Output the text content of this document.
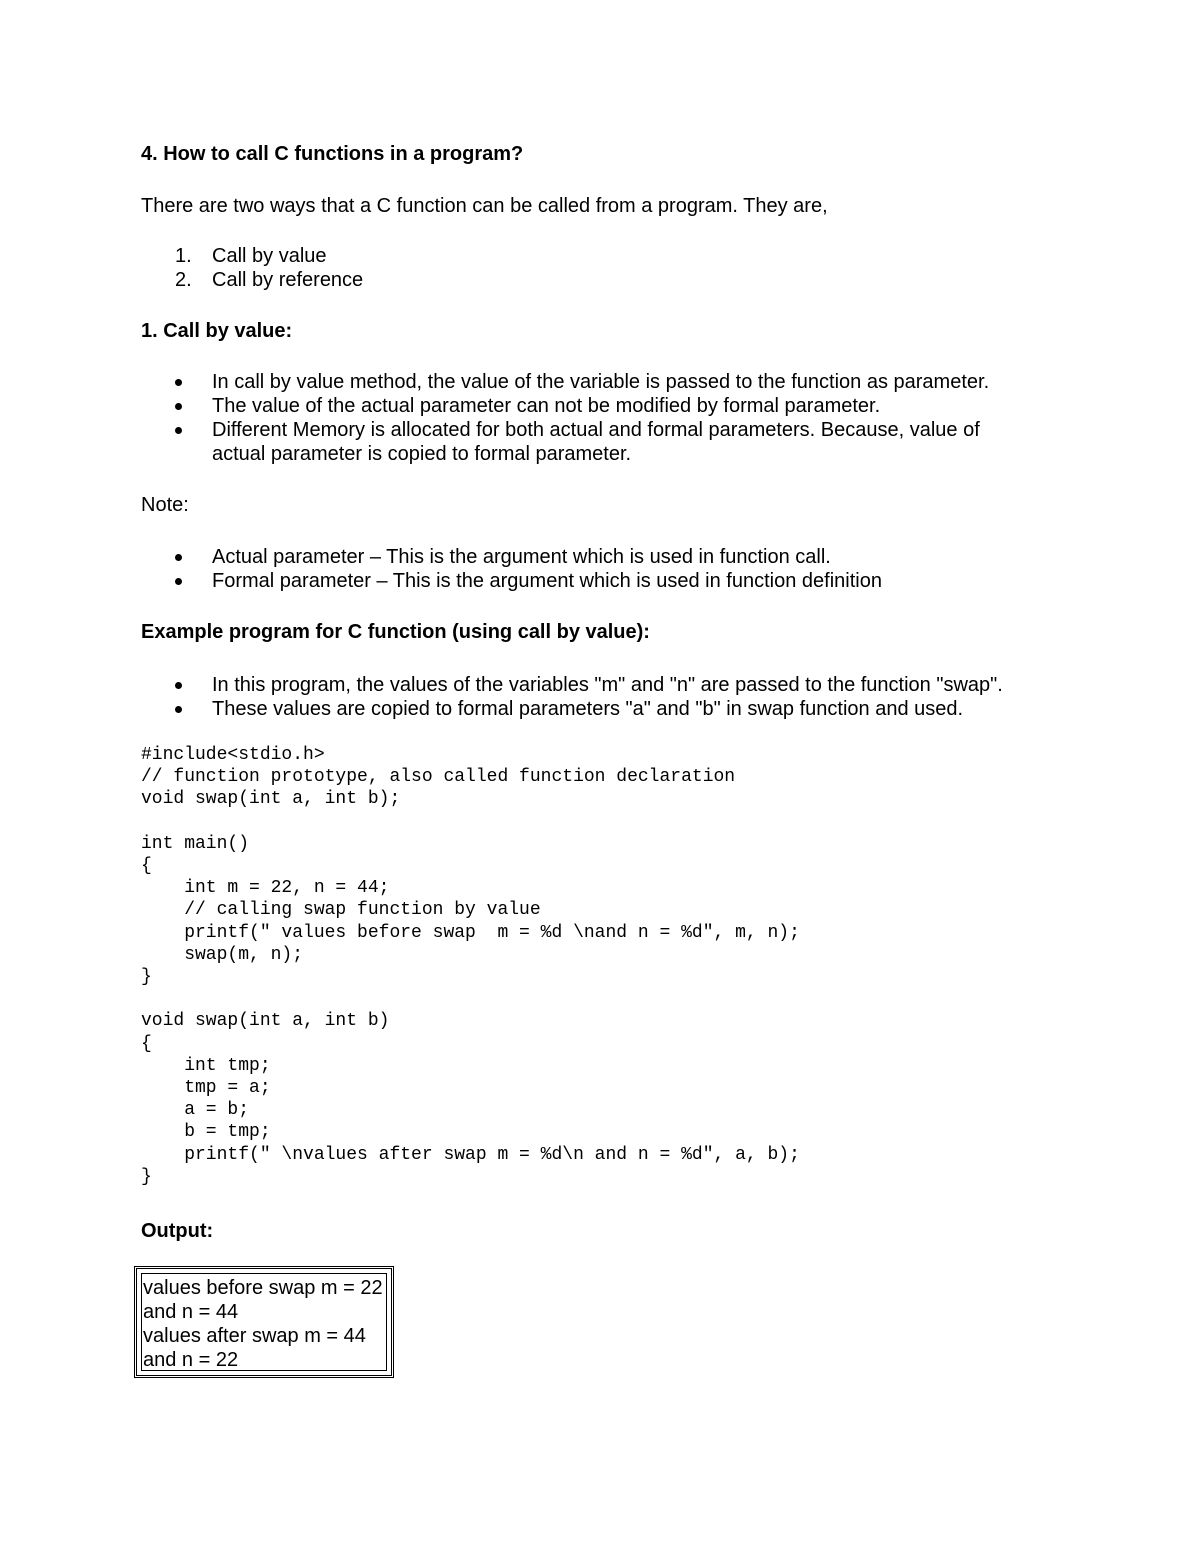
4. How to call C functions in a program?
There are two ways that a C function can be called from a program. They are,
1. Call by value
2. Call by reference
1. Call by value:
In call by value method, the value of the variable is passed to the function as parameter.
The value of the actual parameter can not be modified by formal parameter.
Different Memory is allocated for both actual and formal parameters. Because, value of
actual parameter is copied to formal parameter.
Note:
Actual parameter – This is the argument which is used in function call.
Formal parameter – This is the argument which is used in function definition
Example program for C function (using call by value):
In this program, the values of the variables "m" and "n" are passed to the function "swap".
These values are copied to formal parameters "a" and "b" in swap function and used.
#include<stdio.h>
// function prototype, also called function declaration
void swap(int a, int b);

int main()
{
int m = 22, n = 44;
// calling swap function by value
printf(" values before swap  m = %d \nand n = %d", m, n);
swap(m, n);
}

void swap(int a, int b)
{
int tmp;
tmp = a;
a = b;
b = tmp;
printf(" \nvalues after swap m = %d\n and n = %d", a, b);
}
Output:
values before swap m = 22
and n = 44
values after swap m = 44
and n = 22
